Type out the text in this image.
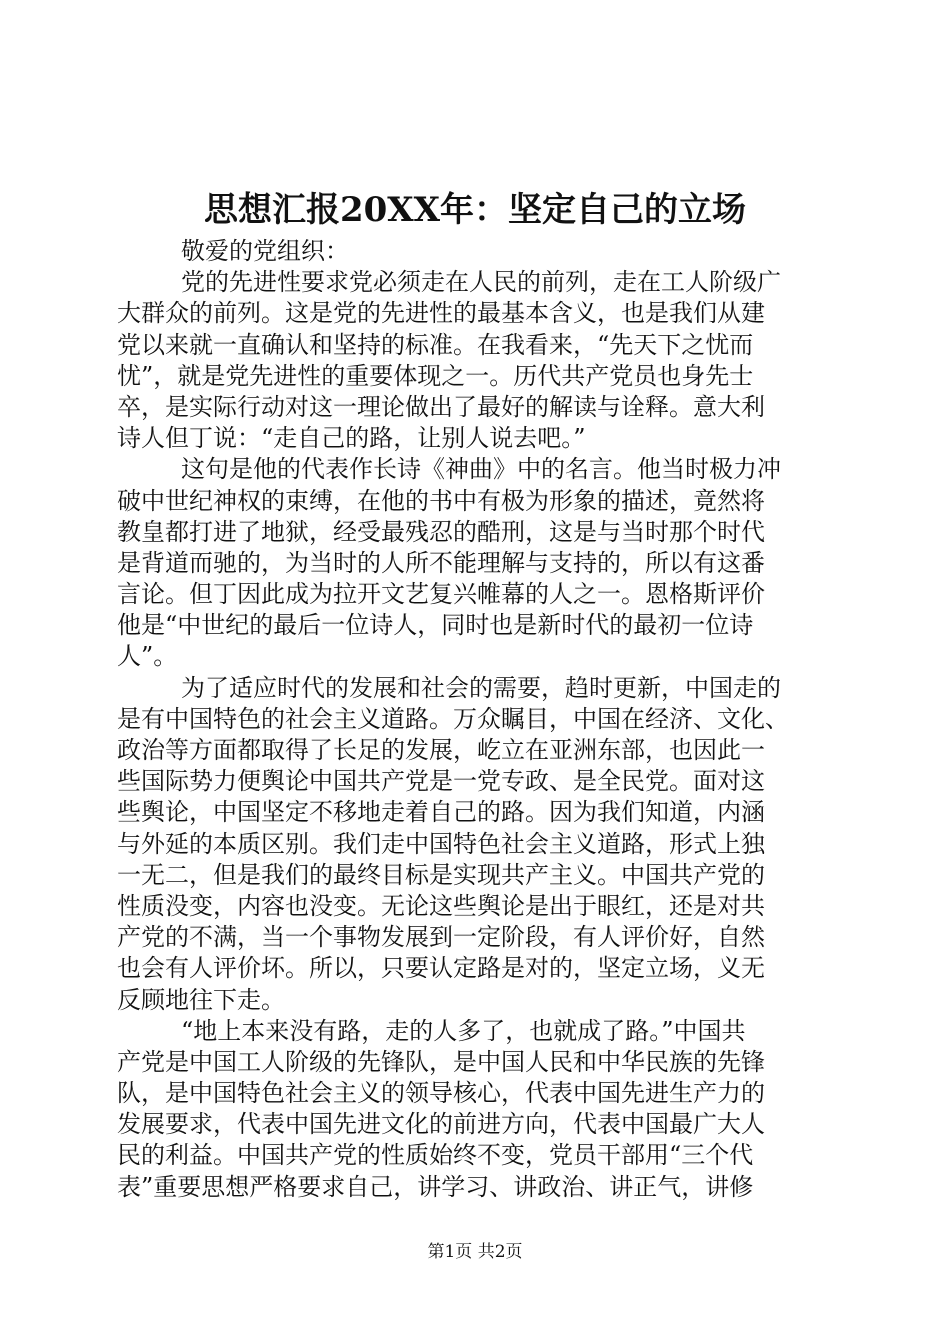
思想汇报20XX年：坚定自己的立场
敬爱的党组织：
党的先进性要求党必须走在人民的前列，走在工人阶级广
大群众的前列。这是党的先进性的最基本含义，也是我们从建
党以来就一直确认和坚持的标准。在我看来，“先天下之忧而
忧”，就是党先进性的重要体现之一。历代共产党员也身先士
卒，是实际行动对这一理论做出了最好的解读与诠释。意大利
诗人但丁说：“走自己的路，让别人说去吧。”
这句是他的代表作长诗《神曲》中的名言。他当时极力冲
破中世纪神权的束缚，在他的书中有极为形象的描述，竟然将
教皇都打进了地狱，经受最残忍的酷刑，这是与当时那个时代
是背道而驰的，为当时的人所不能理解与支持的，所以有这番
言论。但丁因此成为拉开文艺复兴帷幕的人之一。恩格斯评价
他是“中世纪的最后一位诗人，同时也是新时代的最初一位诗
人”。
为了适应时代的发展和社会的需要，趋时更新，中国走的
是有中国特色的社会主义道路。万众瞩目，中国在经济、文化、
政治等方面都取得了长足的发展，屹立在亚洲东部，也因此一
些国际势力便舆论中国共产党是一党专政、是全民党。面对这
些舆论，中国坚定不移地走着自己的路。因为我们知道，内涵
与外延的本质区别。我们走中国特色社会主义道路，形式上独
一无二，但是我们的最终目标是实现共产主义。中国共产党的
性质没变，内容也没变。无论这些舆论是出于眼红，还是对共
产党的不满，当一个事物发展到一定阶段，有人评价好，自然
也会有人评价坏。所以，只要认定路是对的，坚定立场，义无
反顾地往下走。
“地上本来没有路，走的人多了，也就成了路。”中国共
产党是中国工人阶级的先锋队，是中国人民和中华民族的先锋
队，是中国特色社会主义的领导核心，代表中国先进生产力的
发展要求，代表中国先进文化的前进方向，代表中国最广大人
民的利益。中国共产党的性质始终不变，党员干部用“三个代
表”重要思想严格要求自己，讲学习、讲政治、讲正气，讲修
第1页 共2页
